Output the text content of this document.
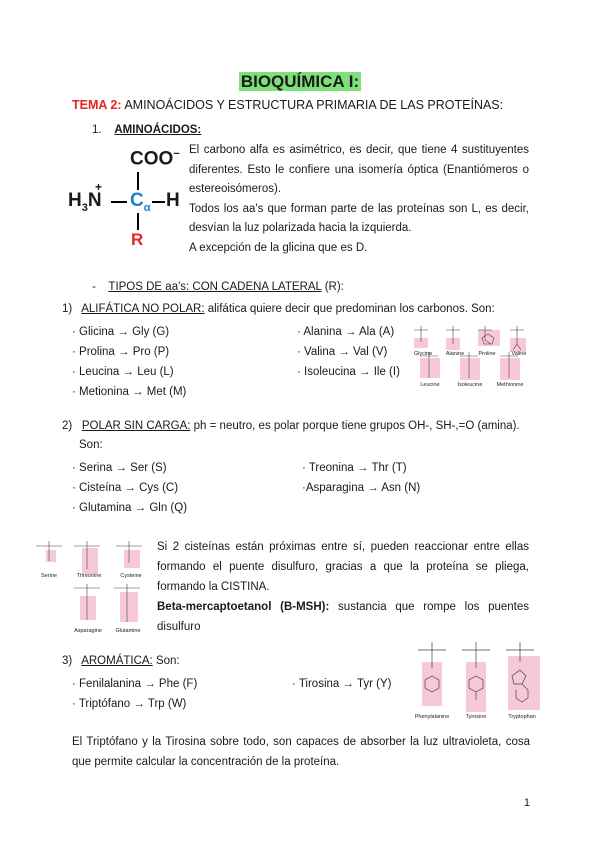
BIOQUÍMICA I:
TEMA 2: AMINOÁCIDOS Y ESTRUCTURA PRIMARIA DE LAS PROTEÍNAS:
1. AMINOÁCIDOS:
COO−
$H_3N$
+
$C_\alpha$ H
R
El carbono alfa es asimétrico, es decir, que tiene 4 sustituyentes diferentes. Esto le confiere una isomería óptica (Enantiómeros o estereoisómeros).
Todos los aa's que forman parte de las proteínas son L, es decir, desvían la luz polarizada hacia la izquierda.
A excepción de la glicina que es D.
- TIPOS DE aa's: CON CADENA LATERAL (R):
1) ALIFÁTICA NO POLAR: alifática quiere decir que predominan los carbonos. Son:
· Glicina → Gly (G)
· Prolina → Pro (P)
· Leucina → Leu (L)
· Metionina → Met (M)
· Alanina → Ala (A)
· Valina → Val (V)
· Isoleucina → Ile (I)
Glycine	Alanine	Proline	Valine
Leucine	Isoleucine	Methionine
2) POLAR SIN CARGA: ph = neutro, es polar porque tiene grupos OH-, SH-,=O (amina).
Son:
· Serina → Ser (S)
· Cisteína → Cys (C)
· Glutamina → Gln (Q)
· Treonina → Thr (T)
·Asparagina → Asn (N)
Serine	Threonine	Cysteine
Asparagine	Glutamine
Si 2 cisteínas están próximas entre sí, pueden reaccionar entre ellas formando el puente disulfuro, gracias a que la proteína se pliega, formando la CISTINA.
Beta-mercaptoetanol (B-MSH): sustancia que rompe los puentes disulfuro
3) AROMÁTICA: Son:
· Fenilalanina → Phe (F)
· Triptófano → Trp (W)
· Tirosina → Tyr (Y)
Phenylalanine	Tyrosine	Tryptophan
El Triptófano y la Tirosina sobre todo, son capaces de absorber la luz ultravioleta, cosa que permite calcular la concentración de la proteína.
1
